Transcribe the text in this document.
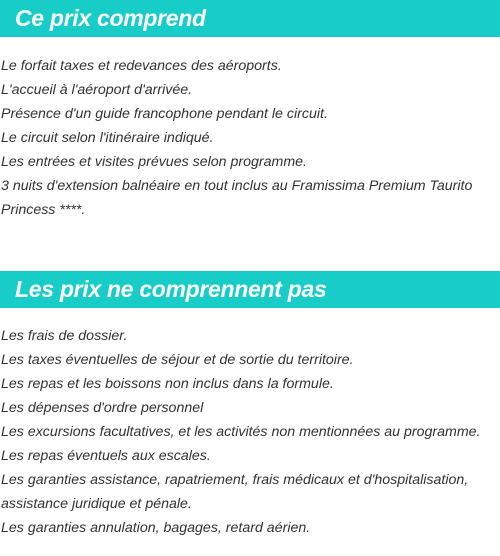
Ce prix comprend
Le forfait taxes et redevances des aéroports.
L'accueil à l'aéroport d'arrivée.
Présence d'un guide francophone pendant le circuit.
Le circuit selon l'itinéraire indiqué.
Les entrées et visites prévues selon programme.
3 nuits d'extension balnéaire en tout inclus au Framissima Premium Taurito Princess ****.
Les prix ne comprennent pas
Les frais de dossier.
Les taxes éventuelles de séjour et de sortie du territoire.
Les repas et les boissons non inclus dans la formule.
Les dépenses d'ordre personnel
Les excursions facultatives, et les activités non mentionnées au programme.
Les repas éventuels aux escales.
Les garanties assistance, rapatriement, frais médicaux et d'hospitalisation, assistance juridique et pénale.
Les garanties annulation, bagages, retard aérien.
